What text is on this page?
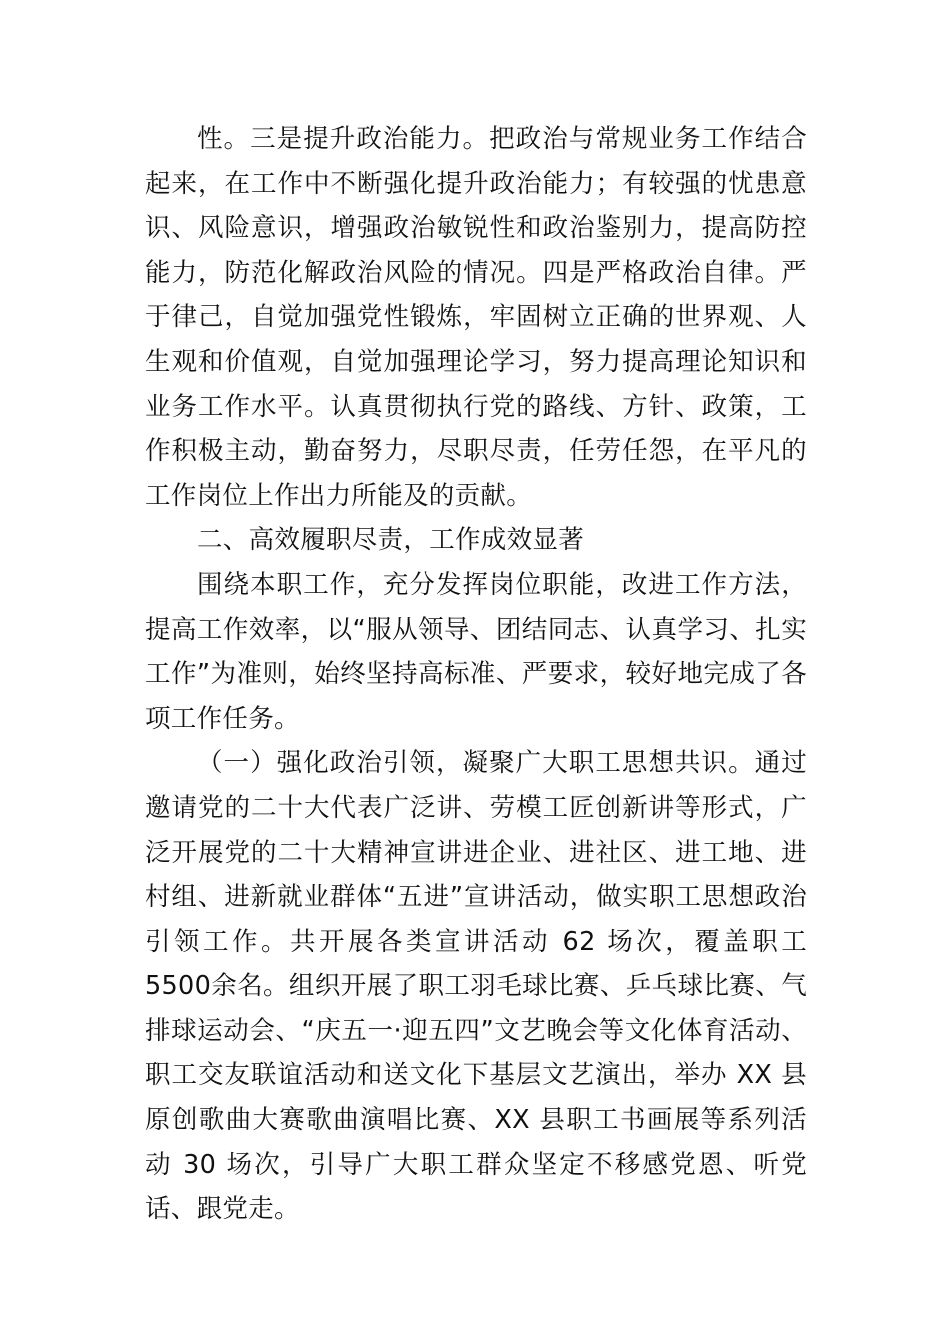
性。三是提升政治能力。把政治与常规业务工作结合起来，在工作中不断强化提升政治能力；有较强的忧患意识、风险意识，增强政治敏锐性和政治鉴别力，提高防控能力，防范化解政治风险的情况。四是严格政治自律。严于律己，自觉加强党性锻炼，牢固树立正确的世界观、人生观和价值观，自觉加强理论学习，努力提高理论知识和业务工作水平。认真贯彻执行党的路线、方针、政策，工作积极主动，勤奋努力，尽职尽责，任劳任怨，在平凡的工作岗位上作出力所能及的贡献。

二、高效履职尽责，工作成效显著

围绕本职工作，充分发挥岗位职能，改进工作方法，提高工作效率，以“服从领导、团结同志、认真学习、扎实工作”为准则，始终坚持高标准、严要求，较好地完成了各项工作任务。

（一）强化政治引领，凝聚广大职工思想共识。通过邀请党的二十大代表广泛讲、劳模工匠创新讲等形式，广泛开展党的二十大精神宣讲进企业、进社区、进工地、进村组、进新就业群体“五进”宣讲活动，做实职工思想政治引领工作。共开展各类宣讲活动 62 场次，覆盖职工 5500余名。组织开展了职工羽毛球比赛、乒乓球比赛、气排球运动会、“庆五一·迎五四”文艺晚会等文化体育活动、职工交友联谊活动和送文化下基层文艺演出，举办 XX 县原创歌曲大赛歌曲演唱比赛、XX 县职工书画展等系列活动 30 场次，引导广大职工群众坚定不移感党恩、听党话、跟党走。
